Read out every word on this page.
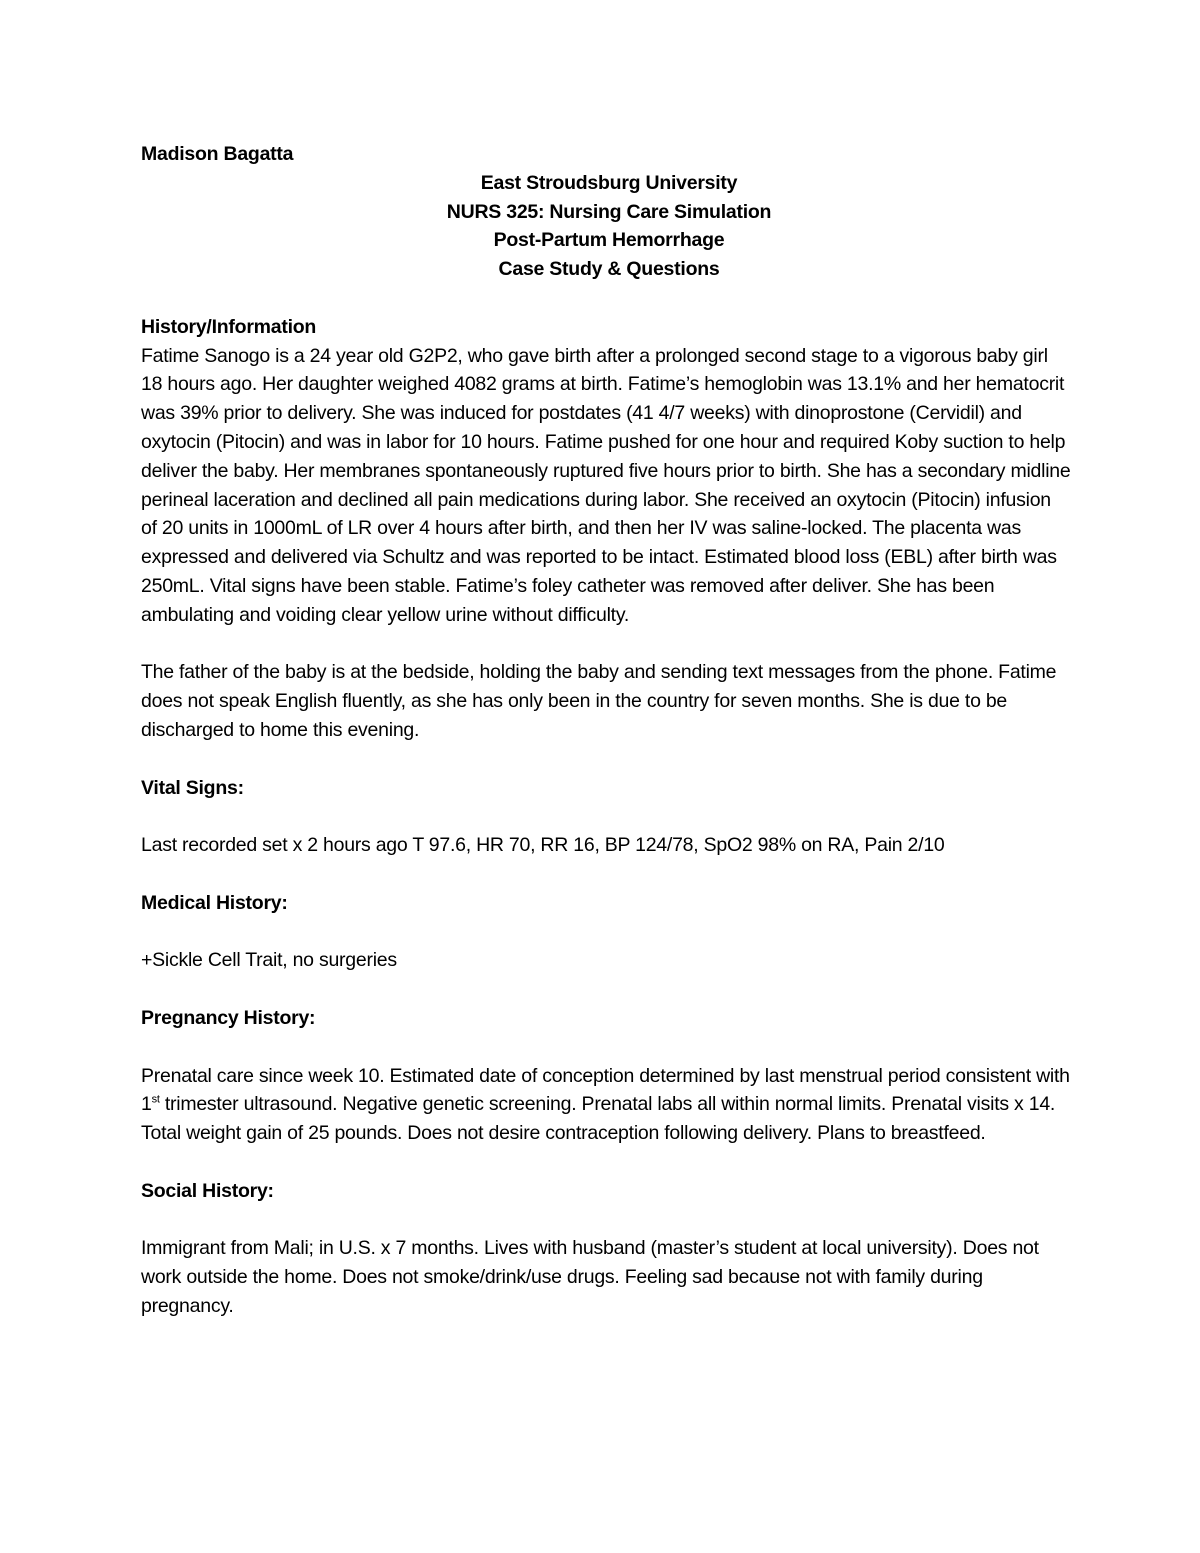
Madison Bagatta

East Stroudsburg University
NURS 325: Nursing Care Simulation
Post-Partum Hemorrhage
Case Study & Questions

History/Information

Fatime Sanogo is a 24 year old G2P2, who gave birth after a prolonged second stage to a vigorous baby girl 18 hours ago. Her daughter weighed 4082 grams at birth. Fatime’s hemoglobin was 13.1% and her hematocrit was 39% prior to delivery. She was induced for postdates (41 4/7 weeks) with dinoprostone (Cervidil) and oxytocin (Pitocin) and was in labor for 10 hours. Fatime pushed for one hour and required Koby suction to help deliver the baby. Her membranes spontaneously ruptured five hours prior to birth. She has a secondary midline perineal laceration and declined all pain medications during labor. She received an oxytocin (Pitocin) infusion of 20 units in 1000mL of LR over 4 hours after birth, and then her IV was saline-locked. The placenta was expressed and delivered via Schultz and was reported to be intact. Estimated blood loss (EBL) after birth was 250mL. Vital signs have been stable. Fatime’s foley catheter was removed after deliver. She has been ambulating and voiding clear yellow urine without difficulty.

The father of the baby is at the bedside, holding the baby and sending text messages from the phone. Fatime does not speak English fluently, as she has only been in the country for seven months. She is due to be discharged to home this evening.

Vital Signs:

Last recorded set x 2 hours ago T 97.6, HR 70, RR 16, BP 124/78, SpO2 98% on RA, Pain 2/10

Medical History:

+Sickle Cell Trait, no surgeries

Pregnancy History:

Prenatal care since week 10. Estimated date of conception determined by last menstrual period consistent with 1st trimester ultrasound. Negative genetic screening. Prenatal labs all within normal limits. Prenatal visits x 14. Total weight gain of 25 pounds. Does not desire contraception following delivery. Plans to breastfeed.

Social History:

Immigrant from Mali; in U.S. x 7 months. Lives with husband (master’s student at local university). Does not work outside the home. Does not smoke/drink/use drugs. Feeling sad because not with family during pregnancy.
